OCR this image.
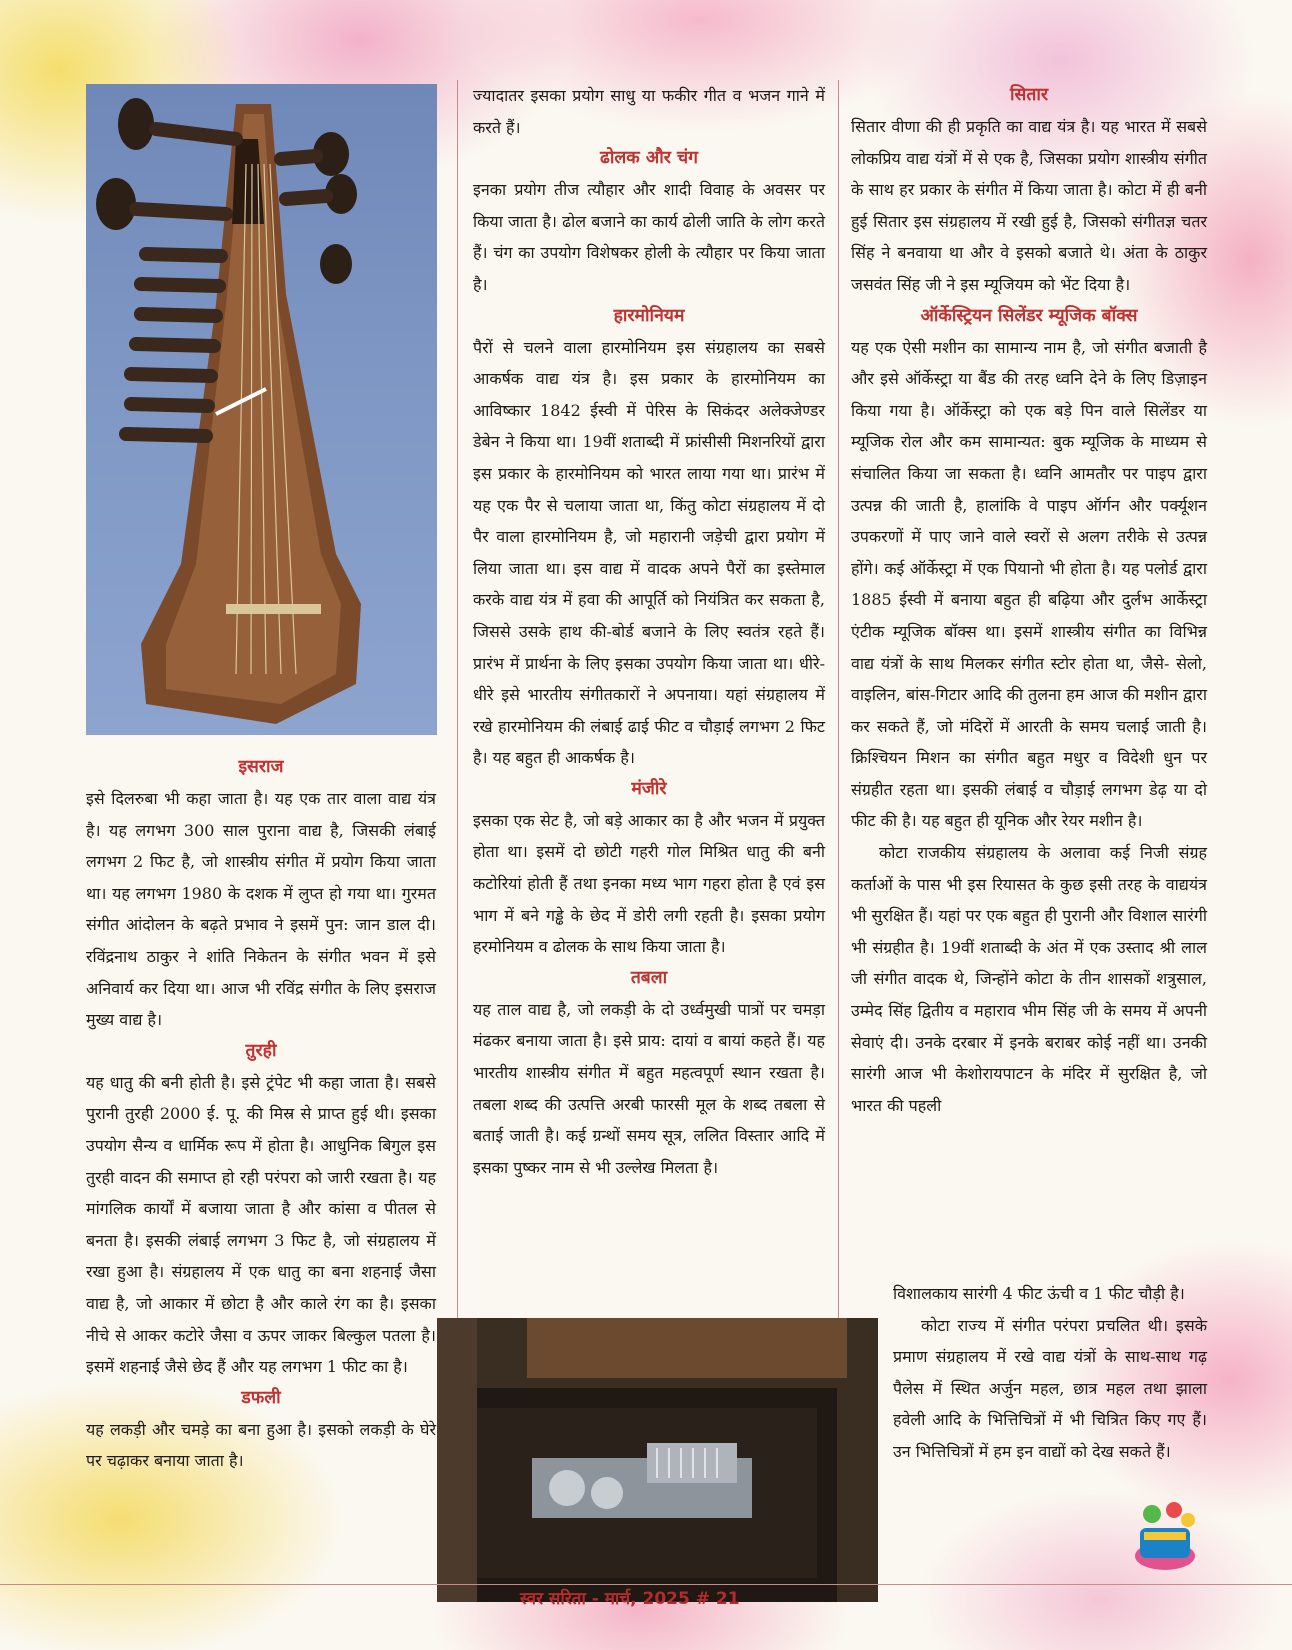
इसराज

इसे दिलरुबा भी कहा जाता है। यह एक तार वाला वाद्य यंत्र है। यह लगभग 300 साल पुराना वाद्य है, जिसकी लंबाई लगभग 2 फिट है, जो शास्त्रीय संगीत में प्रयोग किया जाता था। यह लगभग 1980 के दशक में लुप्त हो गया था। गुरमत संगीत आंदोलन के बढ़ते प्रभाव ने इसमें पुन: जान डाल दी। रविंद्रनाथ ठाकुर ने शांति निकेतन के संगीत भवन में इसे अनिवार्य कर दिया था। आज भी रविंद्र संगीत के लिए इसराज मुख्य वाद्य है।

तुरही

यह धातु की बनी होती है। इसे ट्रंपेट भी कहा जाता है। सबसे पुरानी तुरही 2000 ई. पू. की मिस्र से प्राप्त हुई थी। इसका उपयोग सैन्य व धार्मिक रूप में होता है। आधुनिक बिगुल इस तुरही वादन की समाप्त हो रही परंपरा को जारी रखता है। यह मांगलिक कार्यों में बजाया जाता है और कांसा व पीतल से बनता है। इसकी लंबाई लगभग 3 फिट है, जो संग्रहालय में रखा हुआ है। संग्रहालय में एक धातु का बना शहनाई जैसा वाद्य है, जो आकार में छोटा है और काले रंग का है। इसका नीचे से आकर कटोरे जैसा व ऊपर जाकर बिल्कुल पतला है। इसमें शहनाई जैसे छेद हैं और यह लगभग 1 फीट का है।

डफली

यह लकड़ी और चमड़े का बना हुआ है। इसको लकड़ी के घेरे पर चढ़ाकर बनाया जाता है।

ज्यादातर इसका प्रयोग साधु या फकीर गीत व भजन गाने में करते हैं।

ढोलक और चंग

इनका प्रयोग तीज त्यौहार और शादी विवाह के अवसर पर किया जाता है। ढोल बजाने का कार्य ढोली जाति के लोग करते हैं। चंग का उपयोग विशेषकर होली के त्यौहार पर किया जाता है।

हारमोनियम

पैरों से चलने वाला हारमोनियम इस संग्रहालय का सबसे आकर्षक वाद्य यंत्र है। इस प्रकार के हारमोनियम का आविष्कार 1842 ईस्वी में पेरिस के सिकंदर अलेक्जेण्डर डेबेन ने किया था। 19वीं शताब्दी में फ्रांसीसी मिशनरियों द्वारा इस प्रकार के हारमोनियम को भारत लाया गया था। प्रारंभ में यह एक पैर से चलाया जाता था, किंतु कोटा संग्रहालय में दो पैर वाला हारमोनियम है, जो महारानी जड़ेची द्वारा प्रयोग में लिया जाता था। इस वाद्य में वादक अपने पैरों का इस्तेमाल करके वाद्य यंत्र में हवा की आपूर्ति को नियंत्रित कर सकता है, जिससे उसके हाथ की-बोर्ड बजाने के लिए स्वतंत्र रहते हैं। प्रारंभ में प्रार्थना के लिए इसका उपयोग किया जाता था। धीरे-धीरे इसे भारतीय संगीतकारों ने अपनाया। यहां संग्रहालय में रखे हारमोनियम की लंबाई ढाई फीट व चौड़ाई लगभग 2 फिट है। यह बहुत ही आकर्षक है।

मंजीरे

इसका एक सेट है, जो बड़े आकार का है और भजन में प्रयुक्त होता था। इसमें दो छोटी गहरी गोल मिश्रित धातु की बनी कटोरियां होती हैं तथा इनका मध्य भाग गहरा होता है एवं इस भाग में बने गड्ढे के छेद में डोरी लगी रहती है। इसका प्रयोग हरमोनियम व ढोलक के साथ किया जाता है।

तबला

यह ताल वाद्य है, जो लकड़ी के दो उर्ध्वमुखी पात्रों पर चमड़ा मंढकर बनाया जाता है। इसे प्राय: दायां व बायां कहते हैं। यह भारतीय शास्त्रीय संगीत में बहुत महत्वपूर्ण स्थान रखता है। तबला शब्द की उत्पत्ति अरबी फारसी मूल के शब्द तबला से बताई जाती है। कई ग्रन्थों समय सूत्र, ललित विस्तार आदि में इसका पुष्कर नाम से भी उल्लेख मिलता है।

सितार

सितार वीणा की ही प्रकृति का वाद्य यंत्र है। यह भारत में सबसे लोकप्रिय वाद्य यंत्रों में से एक है, जिसका प्रयोग शास्त्रीय संगीत के साथ हर प्रकार के संगीत में किया जाता है। कोटा में ही बनी हुई सितार इस संग्रहालय में रखी हुई है, जिसको संगीतज्ञ चतर सिंह ने बनवाया था और वे इसको बजाते थे। अंता के ठाकुर जसवंत सिंह जी ने इस म्यूजियम को भेंट दिया है।

ऑर्केस्ट्रियन सिलेंडर म्यूजिक बॉक्स

यह एक ऐसी मशीन का सामान्य नाम है, जो संगीत बजाती है और इसे ऑर्केस्ट्रा या बैंड की तरह ध्वनि देने के लिए डिज़ाइन किया गया है। ऑर्केस्ट्रा को एक बड़े पिन वाले सिलेंडर या म्यूजिक रोल और कम सामान्यत: बुक म्यूजिक के माध्यम से संचालित किया जा सकता है। ध्वनि आमतौर पर पाइप द्वारा उत्पन्न की जाती है, हालांकि वे पाइप ऑर्गन और पर्क्यूशन उपकरणों में पाए जाने वाले स्वरों से अलग तरीके से उत्पन्न होंगे। कई ऑर्केस्ट्रा में एक पियानो भी होता है। यह पलोर्ड द्वारा 1885 ईस्वी में बनाया बहुत ही बढ़िया और दुर्लभ आर्केस्ट्रा एंटीक म्यूजिक बॉक्स था। इसमें शास्त्रीय संगीत का विभिन्न वाद्य यंत्रों के साथ मिलकर संगीत स्टोर होता था, जैसे- सेलो, वाइलिन, बांस-गिटार आदि की तुलना हम आज की मशीन द्वारा कर सकते हैं, जो मंदिरों में आरती के समय चलाई जाती है। क्रिश्चियन मिशन का संगीत बहुत मधुर व विदेशी धुन पर संग्रहीत रहता था। इसकी लंबाई व चौड़ाई लगभग डेढ़ या दो फीट की है। यह बहुत ही यूनिक और रेयर मशीन है।

कोटा राजकीय संग्रहालय के अलावा कई निजी संग्रह कर्ताओं के पास भी इस रियासत के कुछ इसी तरह के वाद्ययंत्र भी सुरक्षित हैं। यहां पर एक बहुत ही पुरानी और विशाल सारंगी भी संग्रहीत है। 19वीं शताब्दी के अंत में एक उस्ताद श्री लाल जी संगीत वादक थे, जिन्होंने कोटा के तीन शासकों शत्रुसाल, उम्मेद सिंह द्वितीय व महाराव भीम सिंह जी के समय में अपनी सेवाएं दी। उनके दरबार में इनके बराबर कोई नहीं था। उनकी सारंगी आज भी केशोरायपाटन के मंदिर में सुरक्षित है, जो भारत की पहली

विशालकाय सारंगी 4 फीट ऊंची व 1 फीट चौड़ी है।

कोटा राज्य में संगीत परंपरा प्रचलित थी। इसके प्रमाण संग्रहालय में रखे वाद्य यंत्रों के साथ-साथ गढ़ पैलेस में स्थित अर्जुन महल, छात्र महल तथा झाला हवेली आदि के भित्तिचित्रों में भी चित्रित किए गए हैं। उन भित्तिचित्रों में हम इन वाद्यों को देख सकते हैं।

स्वर सरिता - मार्च, 2025 # 21
